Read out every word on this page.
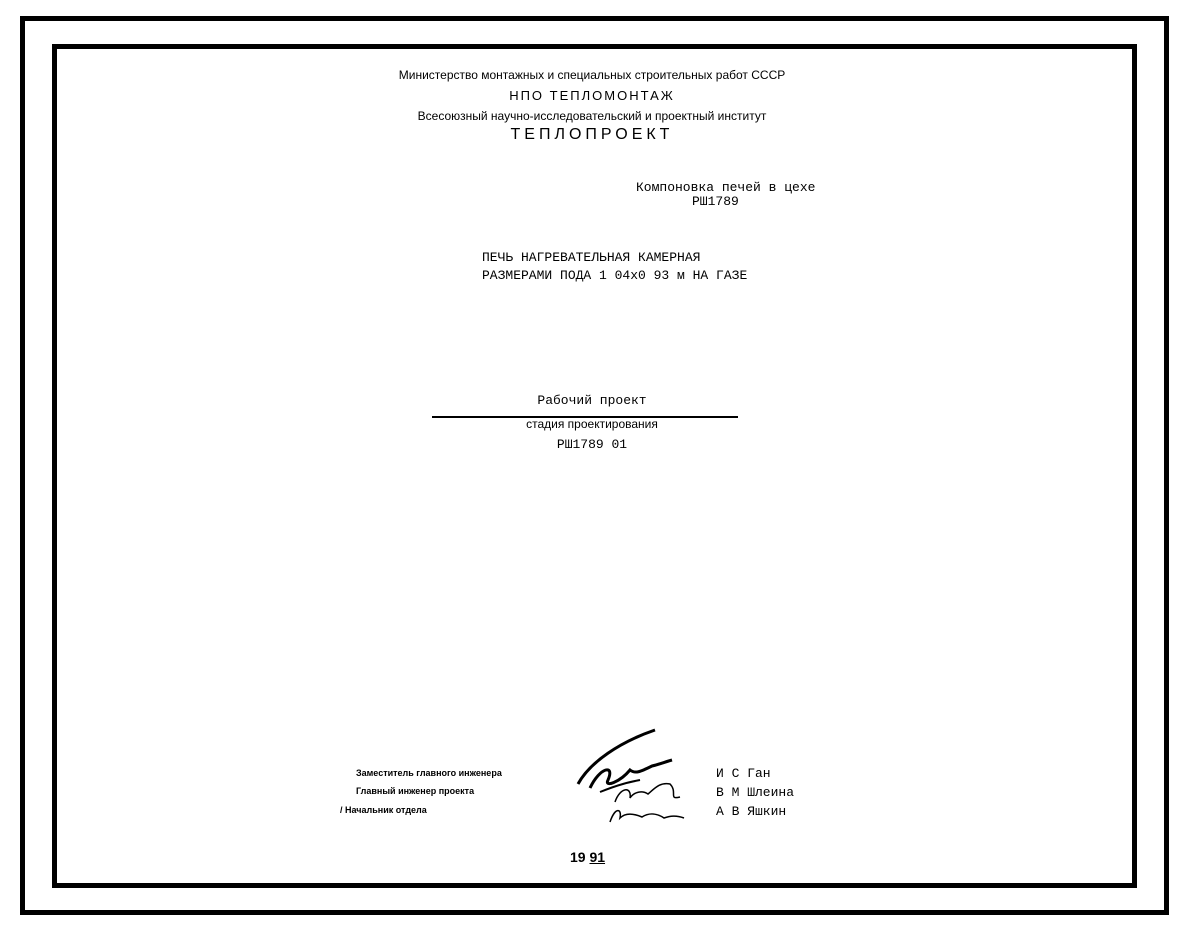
Министерство монтажных и специальных строительных работ СССР
НПО ТЕПЛОМОНТАЖ
Всесоюзный научно-исследовательский и проектный институт
ТЕПЛОПРОЕКТ
Компоновка печей в цехе
РШ1789
ПЕЧЬ НАГРЕВАТЕЛЬНАЯ КАМЕРНАЯ
РАЗМЕРАМИ ПОДА 1 04х0 93 м НА ГАЗЕ
Рабочий проект
стадия проектирования
РШ1789 01
Заместитель главного инженера
Главный инженер проекта
/ Начальник отдела
И С Ган
В М Шлеина
А В Яшкин
19 91
